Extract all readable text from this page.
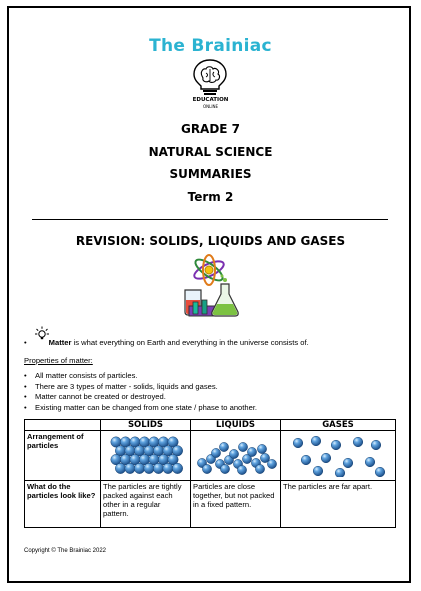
The Brainiac
EDUCATION
ONLINE
GRADE 7
NATURAL SCIENCE
SUMMARIES
Term 2
REVISION: SOLIDS, LIQUIDS AND GASES
•	Matter is what everything on Earth and everything in the universe consists of.
Properties of matter:
• All matter consists of particles.
• There are 3 types of matter - solids, liquids and gases.
• Matter cannot be created or destroyed.
• Existing matter can be changed from one state / phase to another.
	SOLIDS	LIQUIDS	GASES
Arrangement of particles			
What do the particles look like?	The particles are tightly packed against each other in a regular pattern.	Particles are close together, but not packed in a fixed pattern.	The particles are far apart.
Copyright © The Brainiac 2022
